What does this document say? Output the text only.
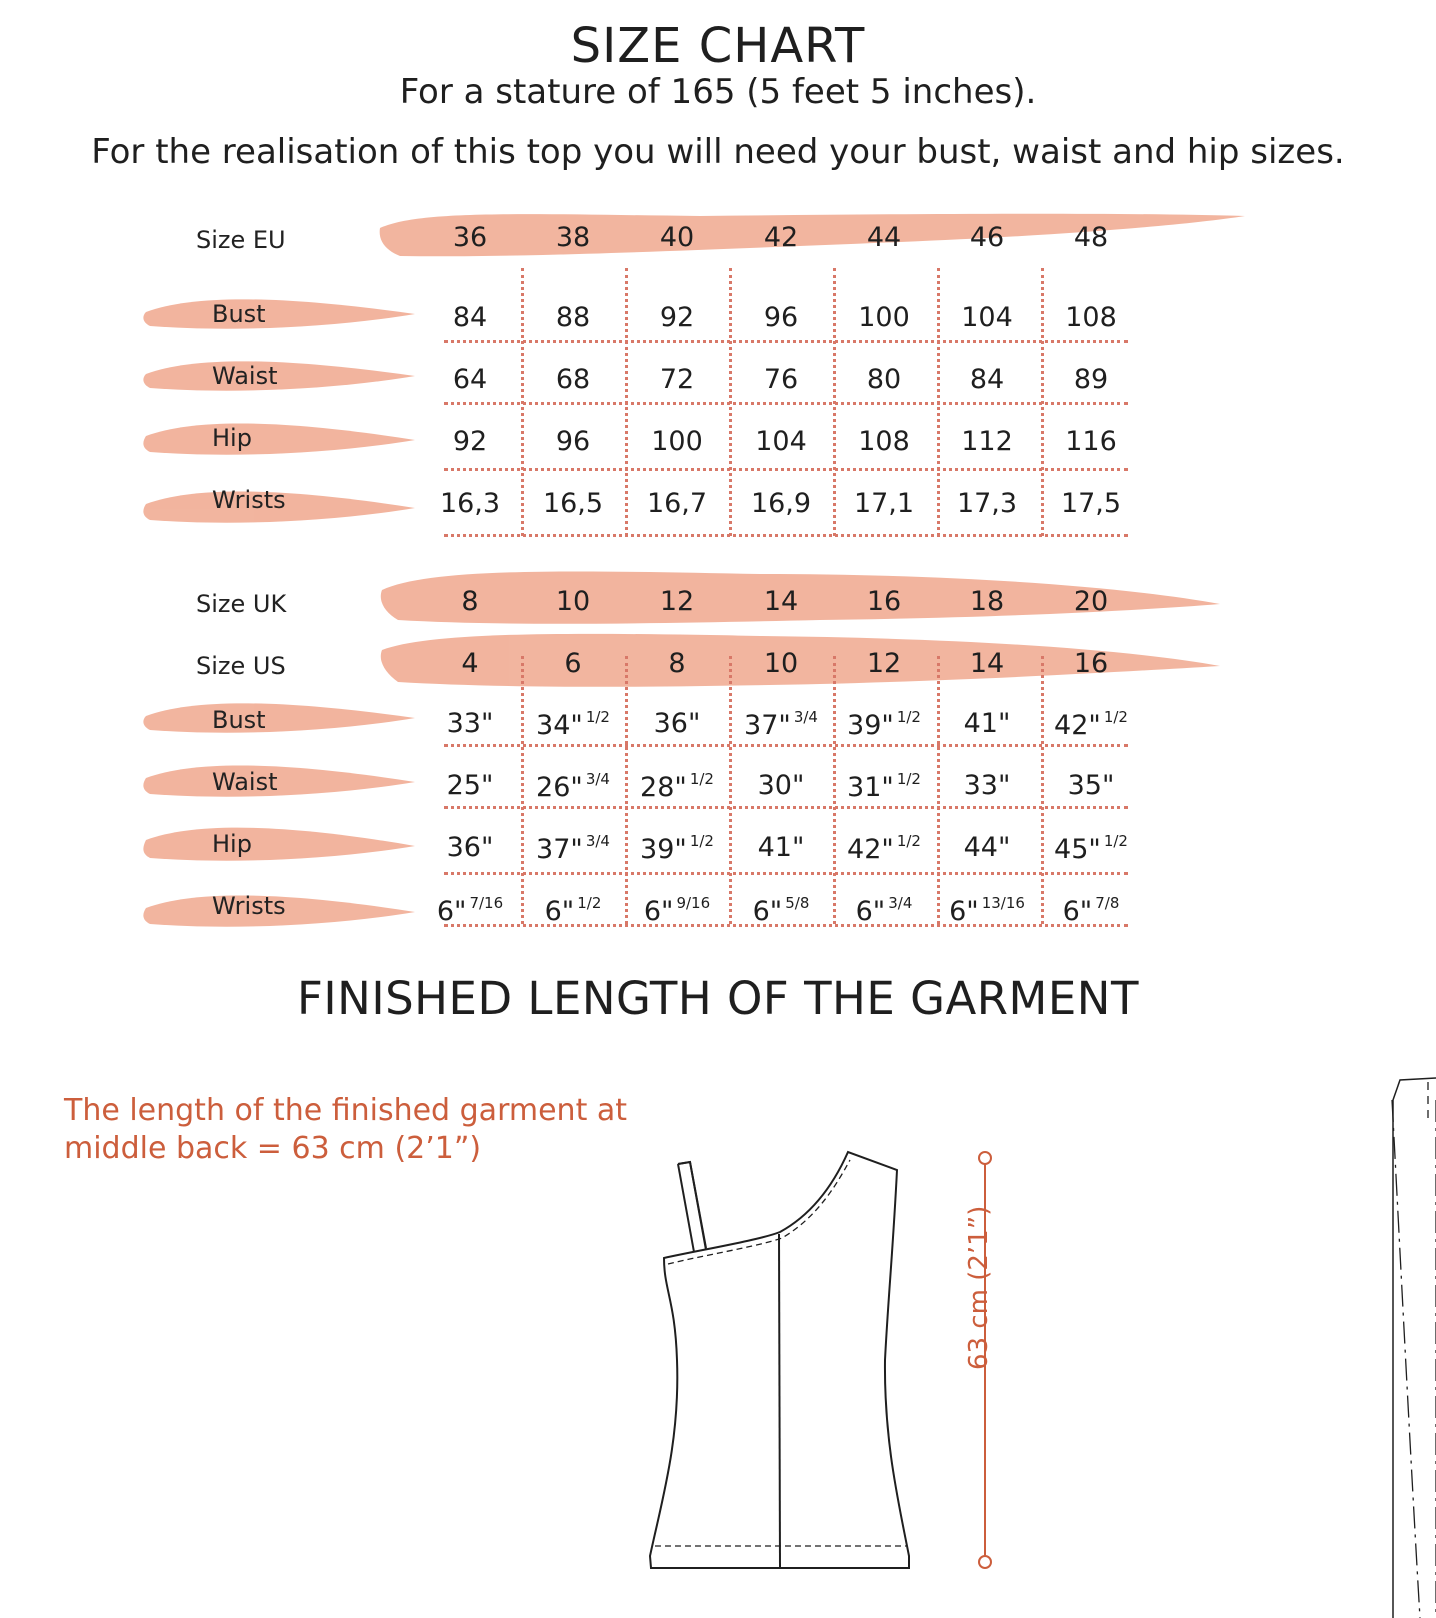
SIZE CHART
For a stature of 165 (5 feet 5 inches).
For the realisation of this top you will need your bust, waist and hip sizes.
Size EU	36	38	40	42	44	46	48
Bust	84	88	92	96	100	104	108
Waist	64	68	72	76	80	84	89
Hip	92	96	100	104	108	112	116
Wrists	16,3	16,5	16,7	16,9	17,1	17,3	17,5
Size UK	8	10	12	14	16	18	20
Size US	4	6	8	10	12	14	16
Bust	33"	34" $^{1/2}$	36"	37" $^{3/4}$	39" $^{1/2}$	41"	42" $^{1/2}$
Waist	25"	26" $^{3/4}$	28" $^{1/2}$	30"	31" $^{1/2}$	33"	35"
Hip	36"	37" $^{3/4}$	39" $^{1/2}$	41"	42" $^{1/2}$	44"	45" $^{1/2}$
Wrists	6" $^{7/16}$	6" $^{1/2}$	6" $^{9/16}$	6" $^{5/8}$	6" $^{3/4}$	6" $^{13/16}$	6" $^{7/8}$
FINISHED LENGTH OF THE GARMENT
The length of the finished garment at middle back = 63 cm (2’1”)
63 cm (2’1”)
